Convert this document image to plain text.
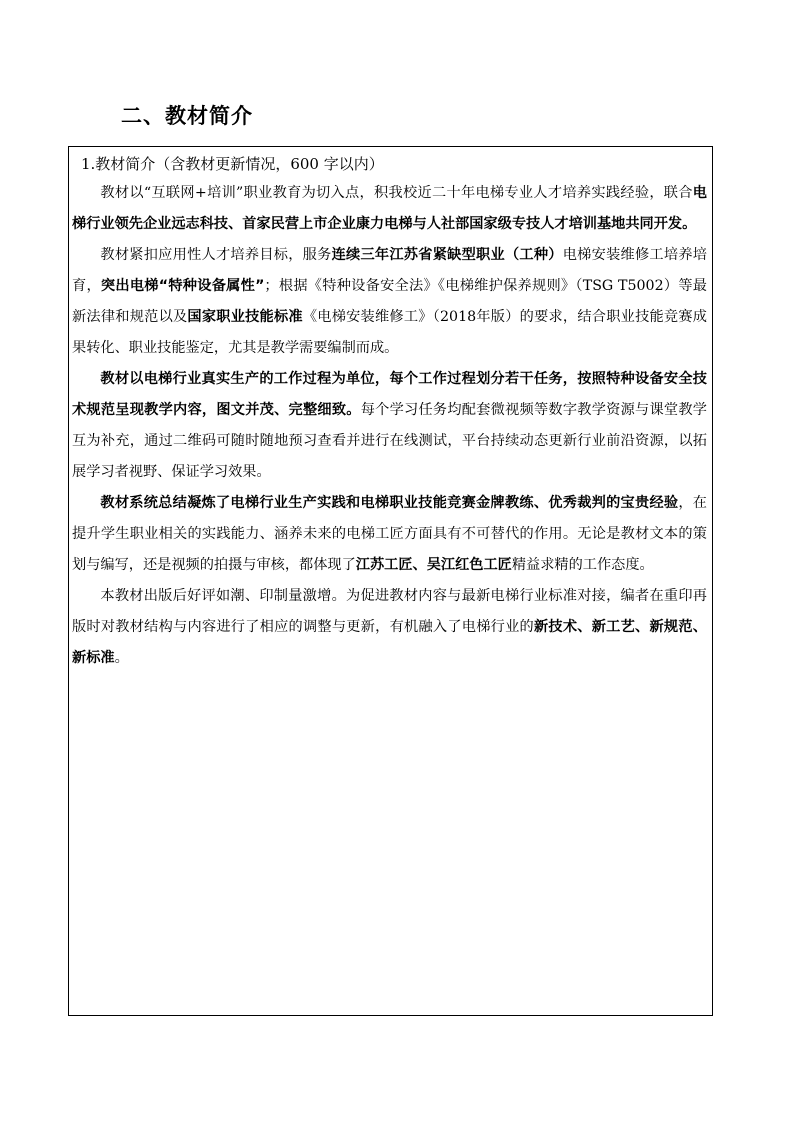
二、教材简介

1.教材简介（含教材更新情况，600 字以内）

教材以“互联网+培训”职业教育为切入点，积我校近二十年电梯专业人才培养实践经验，联合电梯行业领先企业远志科技、首家民营上市企业康力电梯与人社部国家级专技人才培训基地共同开发。

教材紧扣应用性人才培养目标，服务连续三年江苏省紧缺型职业（工种）电梯安装维修工培养培育，突出电梯“特种设备属性”；根据《特种设备安全法》《电梯维护保养规则》（TSG T5002）等最新法律和规范以及国家职业技能标准《电梯安装维修工》（2018年版）的要求，结合职业技能竞赛成果转化、职业技能鉴定，尤其是教学需要编制而成。

教材以电梯行业真实生产的工作过程为单位，每个工作过程划分若干任务，按照特种设备安全技术规范呈现教学内容，图文并茂、完整细致。每个学习任务均配套微视频等数字教学资源与课堂教学互为补充，通过二维码可随时随地预习查看并进行在线测试，平台持续动态更新行业前沿资源，以拓展学习者视野、保证学习效果。

教材系统总结凝炼了电梯行业生产实践和电梯职业技能竞赛金牌教练、优秀裁判的宝贵经验，在提升学生职业相关的实践能力、涵养未来的电梯工匠方面具有不可替代的作用。无论是教材文本的策划与编写，还是视频的拍摄与审核，都体现了江苏工匠、吴江红色工匠精益求精的工作态度。

本教材出版后好评如潮、印制量激增。为促进教材内容与最新电梯行业标准对接，编者在重印再版时对教材结构与内容进行了相应的调整与更新，有机融入了电梯行业的新技术、新工艺、新规范、新标准。
